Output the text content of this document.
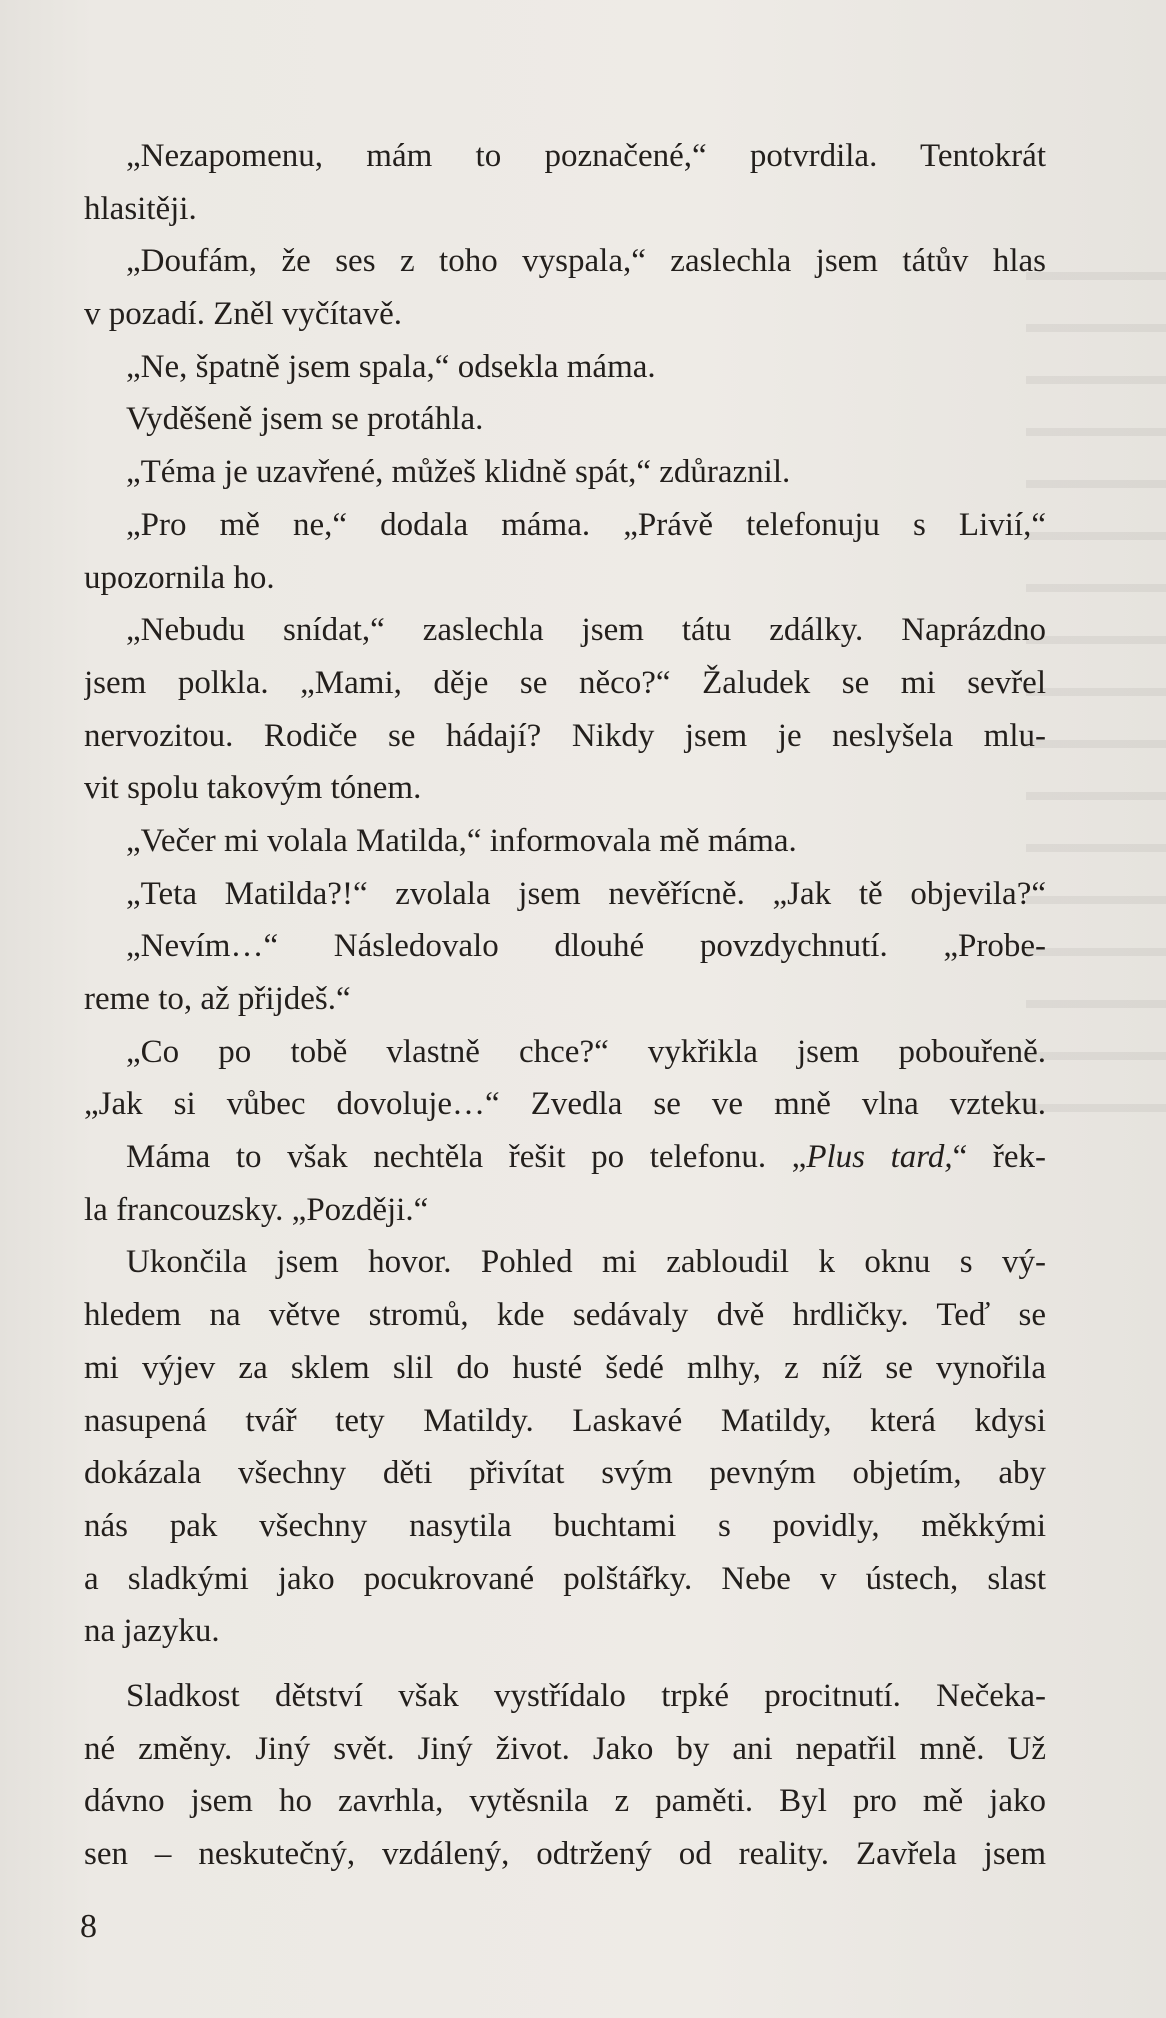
„Nezapomenu, mám to poznačené,“ potvrdila. Tentokrát
hlasitěji.
„Doufám, že ses z toho vyspala,“ zaslechla jsem tátův hlas
v pozadí. Zněl vyčítavě.
„Ne, špatně jsem spala,“ odsekla máma.
Vyděšeně jsem se protáhla.
„Téma je uzavřené, můžeš klidně spát,“ zdůraznil.
„Pro mě ne,“ dodala máma. „Právě telefonuju s Livií,“
upozornila ho.
„Nebudu snídat,“ zaslechla jsem tátu zdálky. Naprázdno
jsem polkla. „Mami, děje se něco?“ Žaludek se mi sevřel
nervozitou. Rodiče se hádají? Nikdy jsem je neslyšela mlu-
vit spolu takovým tónem.
„Večer mi volala Matilda,“ informovala mě máma.
„Teta Matilda?!“ zvolala jsem nevěřícně. „Jak tě objevila?“
„Nevím…“ Následovalo dlouhé povzdychnutí. „Probe-
reme to, až přijdeš.“
„Co po tobě vlastně chce?“ vykřikla jsem pobouřeně.
„Jak si vůbec dovoluje…“ Zvedla se ve mně vlna vzteku.
Máma to však nechtěla řešit po telefonu. „Plus tard,“ řek-
la francouzsky. „Později.“
Ukončila jsem hovor. Pohled mi zabloudil k oknu s vý-
hledem na větve stromů, kde sedávaly dvě hrdličky. Teď se
mi výjev za sklem slil do husté šedé mlhy, z níž se vynořila
nasupená tvář tety Matildy. Laskavé Matildy, která kdysi
dokázala všechny děti přivítat svým pevným objetím, aby
nás pak všechny nasytila buchtami s povidly, měkkými
a sladkými jako pocukrované polštářky. Nebe v ústech, slast
na jazyku.
Sladkost dětství však vystřídalo trpké procitnutí. Nečeka-
né změny. Jiný svět. Jiný život. Jako by ani nepatřil mně. Už
dávno jsem ho zavrhla, vytěsnila z paměti. Byl pro mě jako
sen – neskutečný, vzdálený, odtržený od reality. Zavřela jsem
8
